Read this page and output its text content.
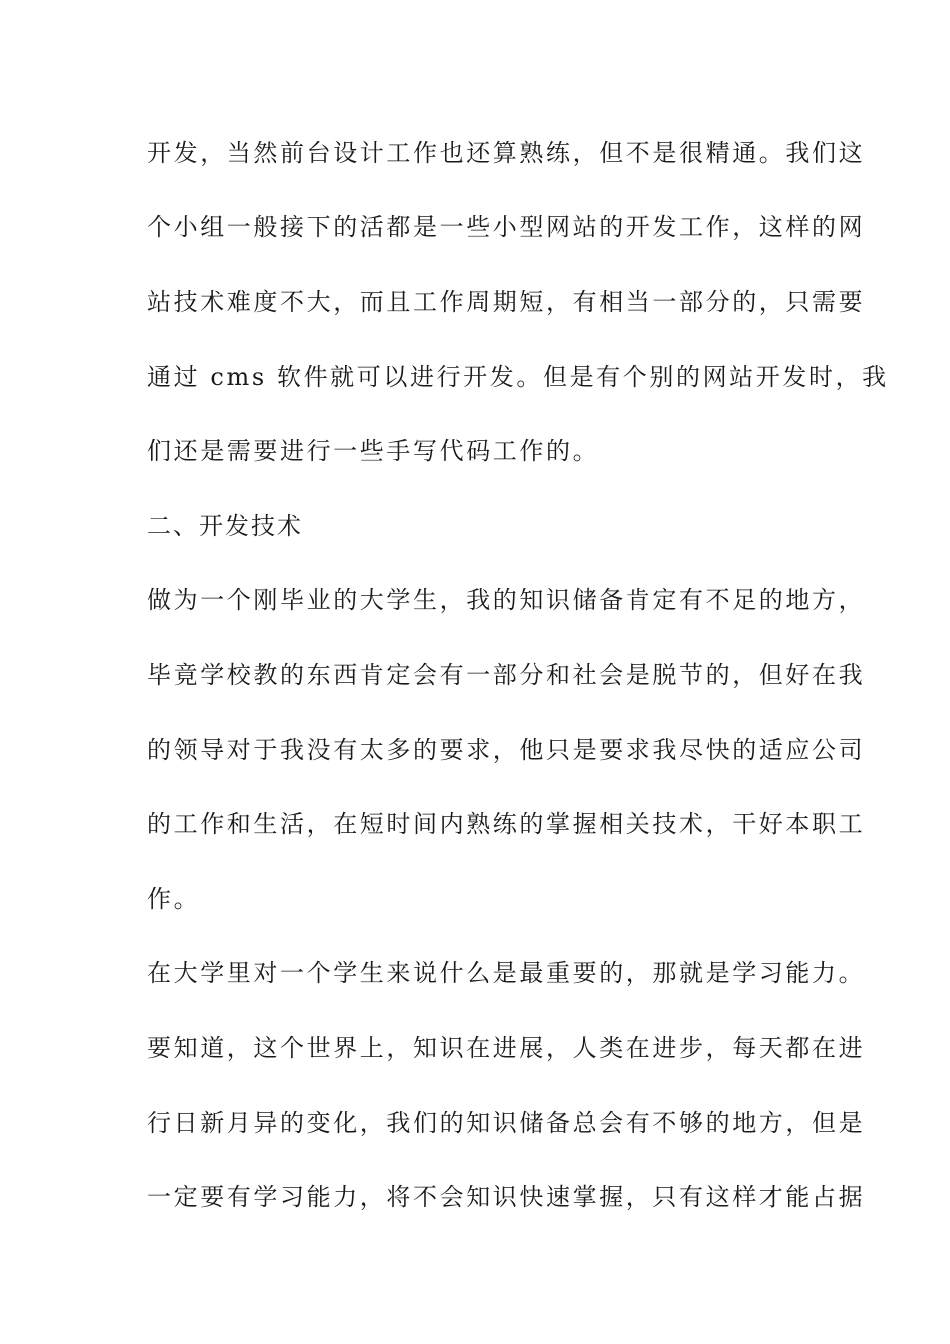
开发，当然前台设计工作也还算熟练，但不是很精通。我们这
个小组一般接下的活都是一些小型网站的开发工作，这样的网
站技术难度不大，而且工作周期短，有相当一部分的，只需要
通过 cms 软件就可以进行开发。但是有个别的网站开发时，我
们还是需要进行一些手写代码工作的。
二、开发技术
做为一个刚毕业的大学生，我的知识储备肯定有不足的地方，
毕竟学校教的东西肯定会有一部分和社会是脱节的，但好在我
的领导对于我没有太多的要求，他只是要求我尽快的适应公司
的工作和生活，在短时间内熟练的掌握相关技术，干好本职工
作。
在大学里对一个学生来说什么是最重要的，那就是学习能力。
要知道，这个世界上，知识在进展，人类在进步，每天都在进
行日新月异的变化，我们的知识储备总会有不够的地方，但是
一定要有学习能力，将不会知识快速掌握，只有这样才能占据
